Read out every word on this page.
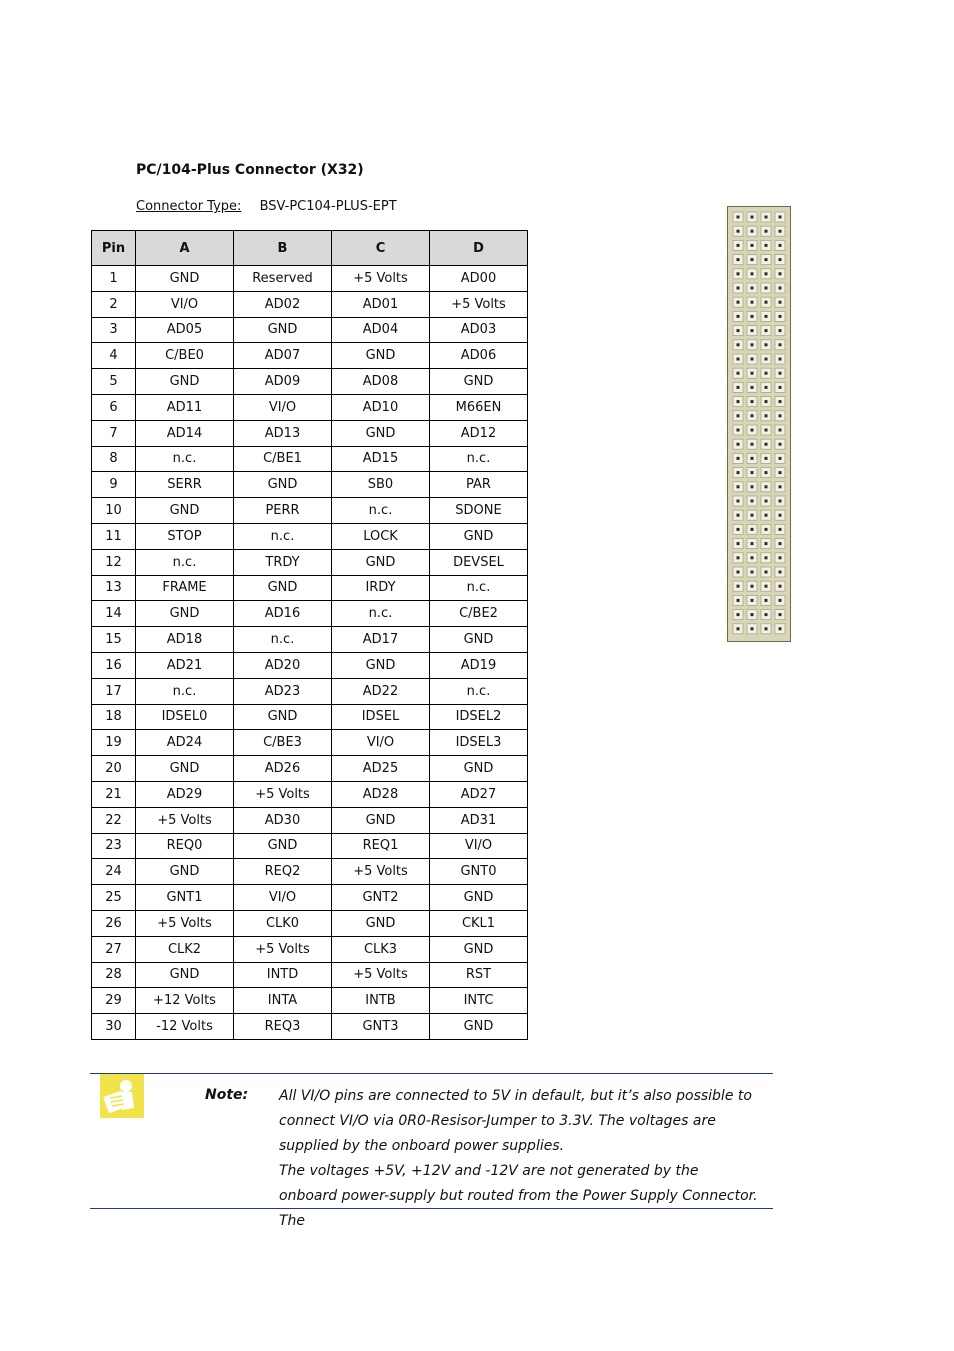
PC/104-Plus Connector (X32)
Connector Type: BSV-PC104-PLUS-EPT
Pin	A	B	C	D
1	GND	Reserved	+5 Volts	AD00
2	VI/O	AD02	AD01	+5 Volts
3	AD05	GND	AD04	AD03
4	C/BE0	AD07	GND	AD06
5	GND	AD09	AD08	GND
6	AD11	VI/O	AD10	M66EN
7	AD14	AD13	GND	AD12
8	n.c.	C/BE1	AD15	n.c.
9	SERR	GND	SB0	PAR
10	GND	PERR	n.c.	SDONE
11	STOP	n.c.	LOCK	GND
12	n.c.	TRDY	GND	DEVSEL
13	FRAME	GND	IRDY	n.c.
14	GND	AD16	n.c.	C/BE2
15	AD18	n.c.	AD17	GND
16	AD21	AD20	GND	AD19
17	n.c.	AD23	AD22	n.c.
18	IDSEL0	GND	IDSEL	IDSEL2
19	AD24	C/BE3	VI/O	IDSEL3
20	GND	AD26	AD25	GND
21	AD29	+5 Volts	AD28	AD27
22	+5 Volts	AD30	GND	AD31
23	REQ0	GND	REQ1	VI/O
24	GND	REQ2	+5 Volts	GNT0
25	GNT1	VI/O	GNT2	GND
26	+5 Volts	CLK0	GND	CKL1
27	CLK2	+5 Volts	CLK3	GND
28	GND	INTD	+5 Volts	RST
29	+12 Volts	INTA	INTB	INTC
30	-12 Volts	REQ3	GNT3	GND
Note: All VI/O pins are connected to 5V in default, but it’s also possible to connect VI/O via 0R0-Resisor-Jumper to 3.3V. The voltages are supplied by the onboard power supplies.

The voltages +5V, +12V and -12V are not generated by the onboard power-supply but routed from the Power Supply Connector. The
